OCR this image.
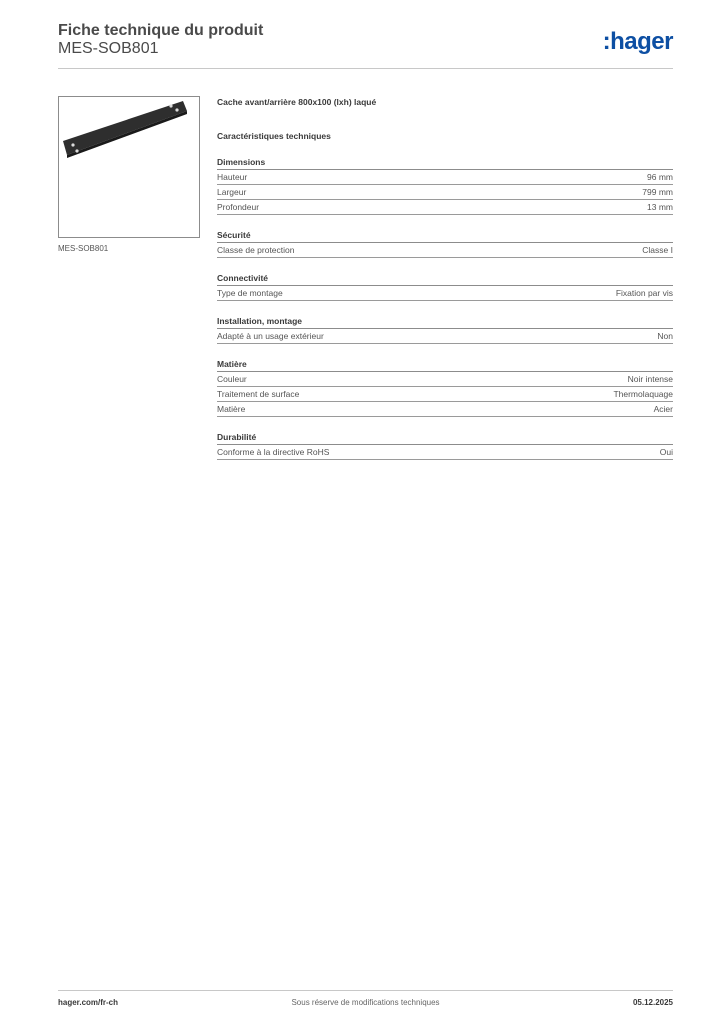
Fiche technique du produit
MES-SOB801	:hager
MES-SOB801
Cache avant/arrière 800x100 (lxh) laqué
Caractéristiques techniques
Dimensions
Hauteur	96 mm
Largeur	799 mm
Profondeur	13 mm
Sécurité
Classe de protection	Classe I
Connectivité
Type de montage	Fixation par vis
Installation, montage
Adapté à un usage extérieur	Non
Matière
Couleur	Noir intense
Traitement de surface	Thermolaquage
Matière	Acier
Durabilité
Conforme à la directive RoHS	Oui
hager.com/fr-ch	Sous réserve de modifications techniques	05.12.2025
